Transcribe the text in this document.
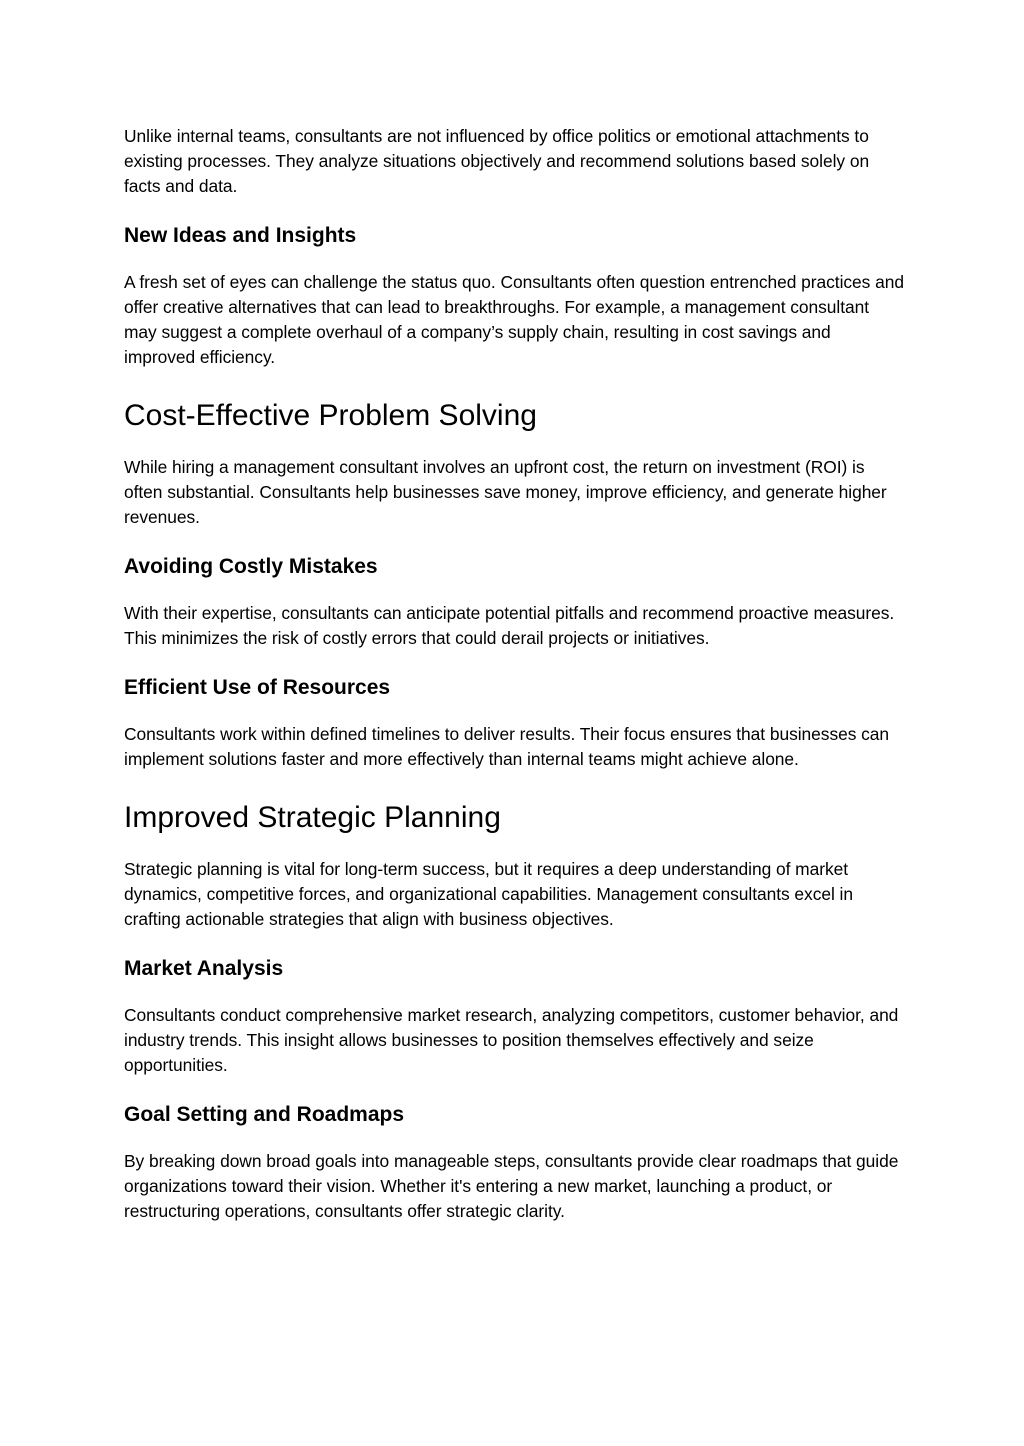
Unlike internal teams, consultants are not influenced by office politics or emotional attachments to existing processes. They analyze situations objectively and recommend solutions based solely on facts and data.

New Ideas and Insights

A fresh set of eyes can challenge the status quo. Consultants often question entrenched practices and offer creative alternatives that can lead to breakthroughs. For example, a management consultant may suggest a complete overhaul of a company’s supply chain, resulting in cost savings and improved efficiency.

Cost-Effective Problem Solving

While hiring a management consultant involves an upfront cost, the return on investment (ROI) is often substantial. Consultants help businesses save money, improve efficiency, and generate higher revenues.

Avoiding Costly Mistakes

With their expertise, consultants can anticipate potential pitfalls and recommend proactive measures. This minimizes the risk of costly errors that could derail projects or initiatives.

Efficient Use of Resources

Consultants work within defined timelines to deliver results. Their focus ensures that businesses can implement solutions faster and more effectively than internal teams might achieve alone.

Improved Strategic Planning

Strategic planning is vital for long-term success, but it requires a deep understanding of market dynamics, competitive forces, and organizational capabilities. Management consultants excel in crafting actionable strategies that align with business objectives.

Market Analysis

Consultants conduct comprehensive market research, analyzing competitors, customer behavior, and industry trends. This insight allows businesses to position themselves effectively and seize opportunities.

Goal Setting and Roadmaps

By breaking down broad goals into manageable steps, consultants provide clear roadmaps that guide organizations toward their vision. Whether it's entering a new market, launching a product, or restructuring operations, consultants offer strategic clarity.
